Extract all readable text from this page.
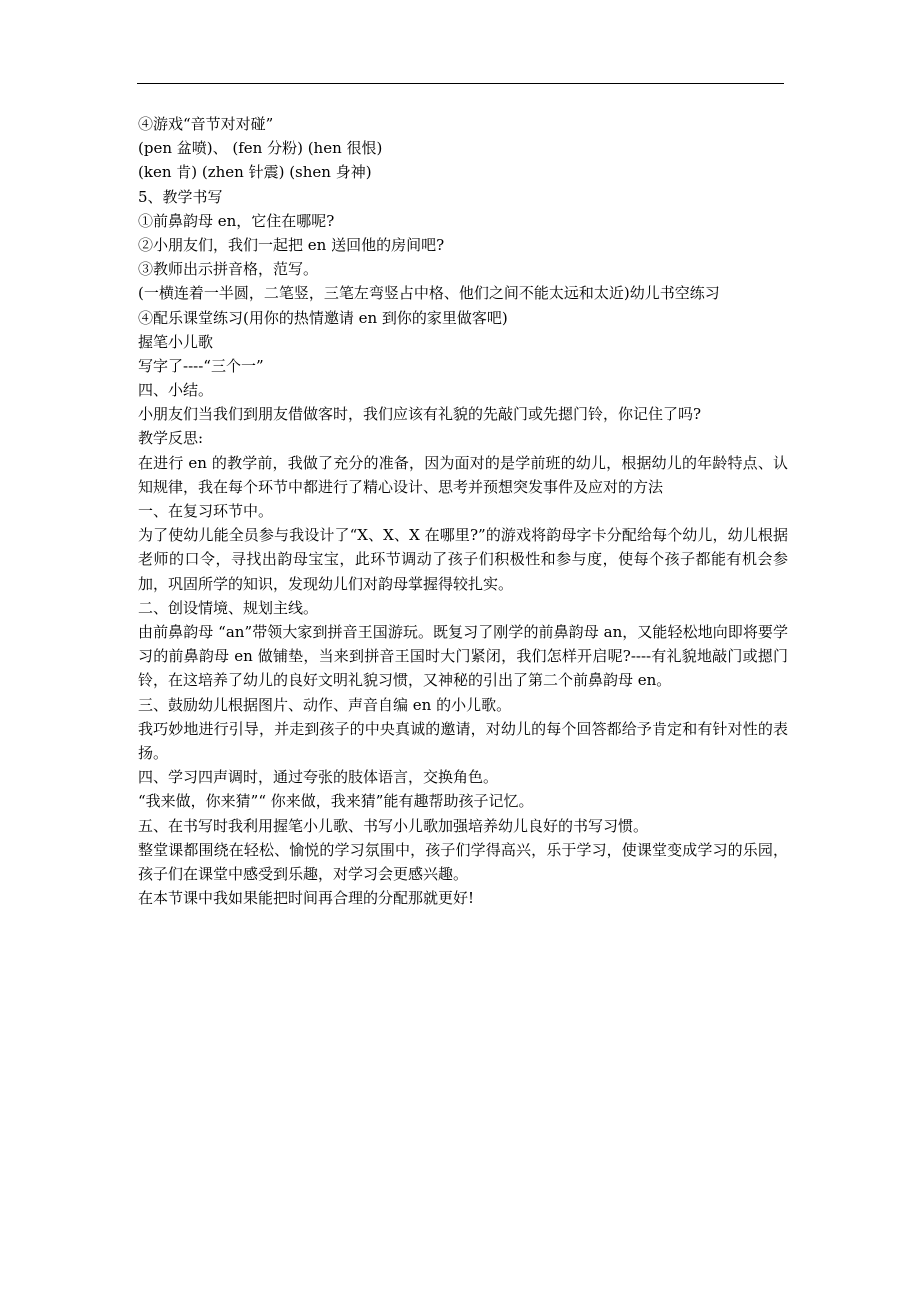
④游戏“音节对对碰”
(pen 盆喷)、 (fen 分粉) (hen 很恨)
(ken 肯) (zhen 针震) (shen 身神)
5、教学书写
①前鼻韵母 en，它住在哪呢?
②小朋友们，我们一起把 en 送回他的房间吧?
③教师出示拼音格，范写。
(一横连着一半圆，二笔竖，三笔左弯竖占中格、他们之间不能太远和太近)幼儿书空练习
④配乐课堂练习(用你的热情邀请 en 到你的家里做客吧)
握笔小儿歌
写字了----“三个一”
四、小结。
小朋友们当我们到朋友借做客时，我们应该有礼貌的先敲门或先摁门铃，你记住了吗?
教学反思:

在进行 en 的教学前，我做了充分的准备，因为面对的是学前班的幼儿，根据幼儿的年龄特点、认知规律，我在每个环节中都进行了精心设计、思考并预想突发事件及应对的方法

一、在复习环节中。

为了使幼儿能全员参与我设计了“X、X、X 在哪里?”的游戏将韵母字卡分配给每个幼儿，幼儿根据老师的口令，寻找出韵母宝宝，此环节调动了孩子们积极性和参与度，使每个孩子都能有机会参加，巩固所学的知识，发现幼儿们对韵母掌握得较扎实。

二、创设情境、规划主线。

由前鼻韵母 “an”带领大家到拼音王国游玩。既复习了刚学的前鼻韵母 an，又能轻松地向即将要学习的前鼻韵母 en 做铺垫，当来到拼音王国时大门紧闭，我们怎样开启呢?----有礼貌地敲门或摁门铃，在这培养了幼儿的良好文明礼貌习惯，又神秘的引出了第二个前鼻韵母 en。

三、鼓励幼儿根据图片、动作、声音自编 en 的小儿歌。

我巧妙地进行引导，并走到孩子的中央真诚的邀请，对幼儿的每个回答都给予肯定和有针对性的表扬。

四、学习四声调时，通过夸张的肢体语言，交换角色。

“我来做，你来猜”“ 你来做，我来猜”能有趣帮助孩子记忆。

五、在书写时我利用握笔小儿歌、书写小儿歌加强培养幼儿良好的书写习惯。

整堂课都围绕在轻松、愉悦的学习氛围中，孩子们学得高兴，乐于学习，使课堂变成学习的乐园，孩子们在课堂中感受到乐趣，对学习会更感兴趣。

在本节课中我如果能把时间再合理的分配那就更好!
